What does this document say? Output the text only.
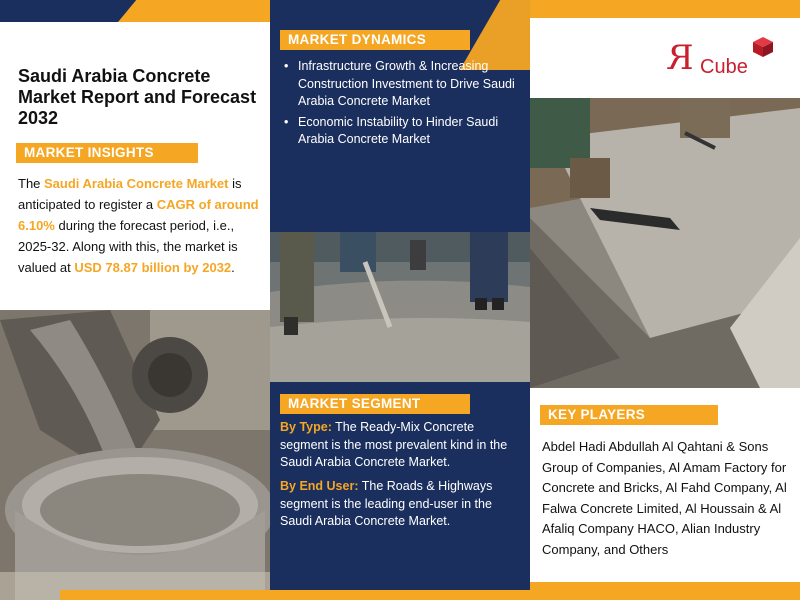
Saudi Arabia Concrete Market Report and Forecast 2032
MARKET INSIGHTS

The Saudi Arabia Concrete Market is anticipated to register a CAGR of around 6.10% during the forecast period, i.e., 2025-32. Along with this, the market is valued at USD 78.87 billion by 2032.

MARKET DYNAMICS
• Infrastructure Growth & Increasing Construction Investment to Drive Saudi Arabia Concrete Market
• Economic Instability to Hinder Saudi Arabia Concrete Market
MARKET SEGMENT

By Type: The Ready-Mix Concrete segment is the most prevalent kind in the Saudi Arabia Concrete Market.

By End User: The Roads & Highways segment is the leading end-user in the Saudi Arabia Concrete Market.

R Cube
KEY PLAYERS

Abdel Hadi Abdullah Al Qahtani & Sons Group of Companies, Al Amam Factory for Concrete and Bricks, Al Fahd Company, Al Falwa Concrete Limited, Al Houssain & Al Afaliq Company HACO, Alian Industry Company, and Others
